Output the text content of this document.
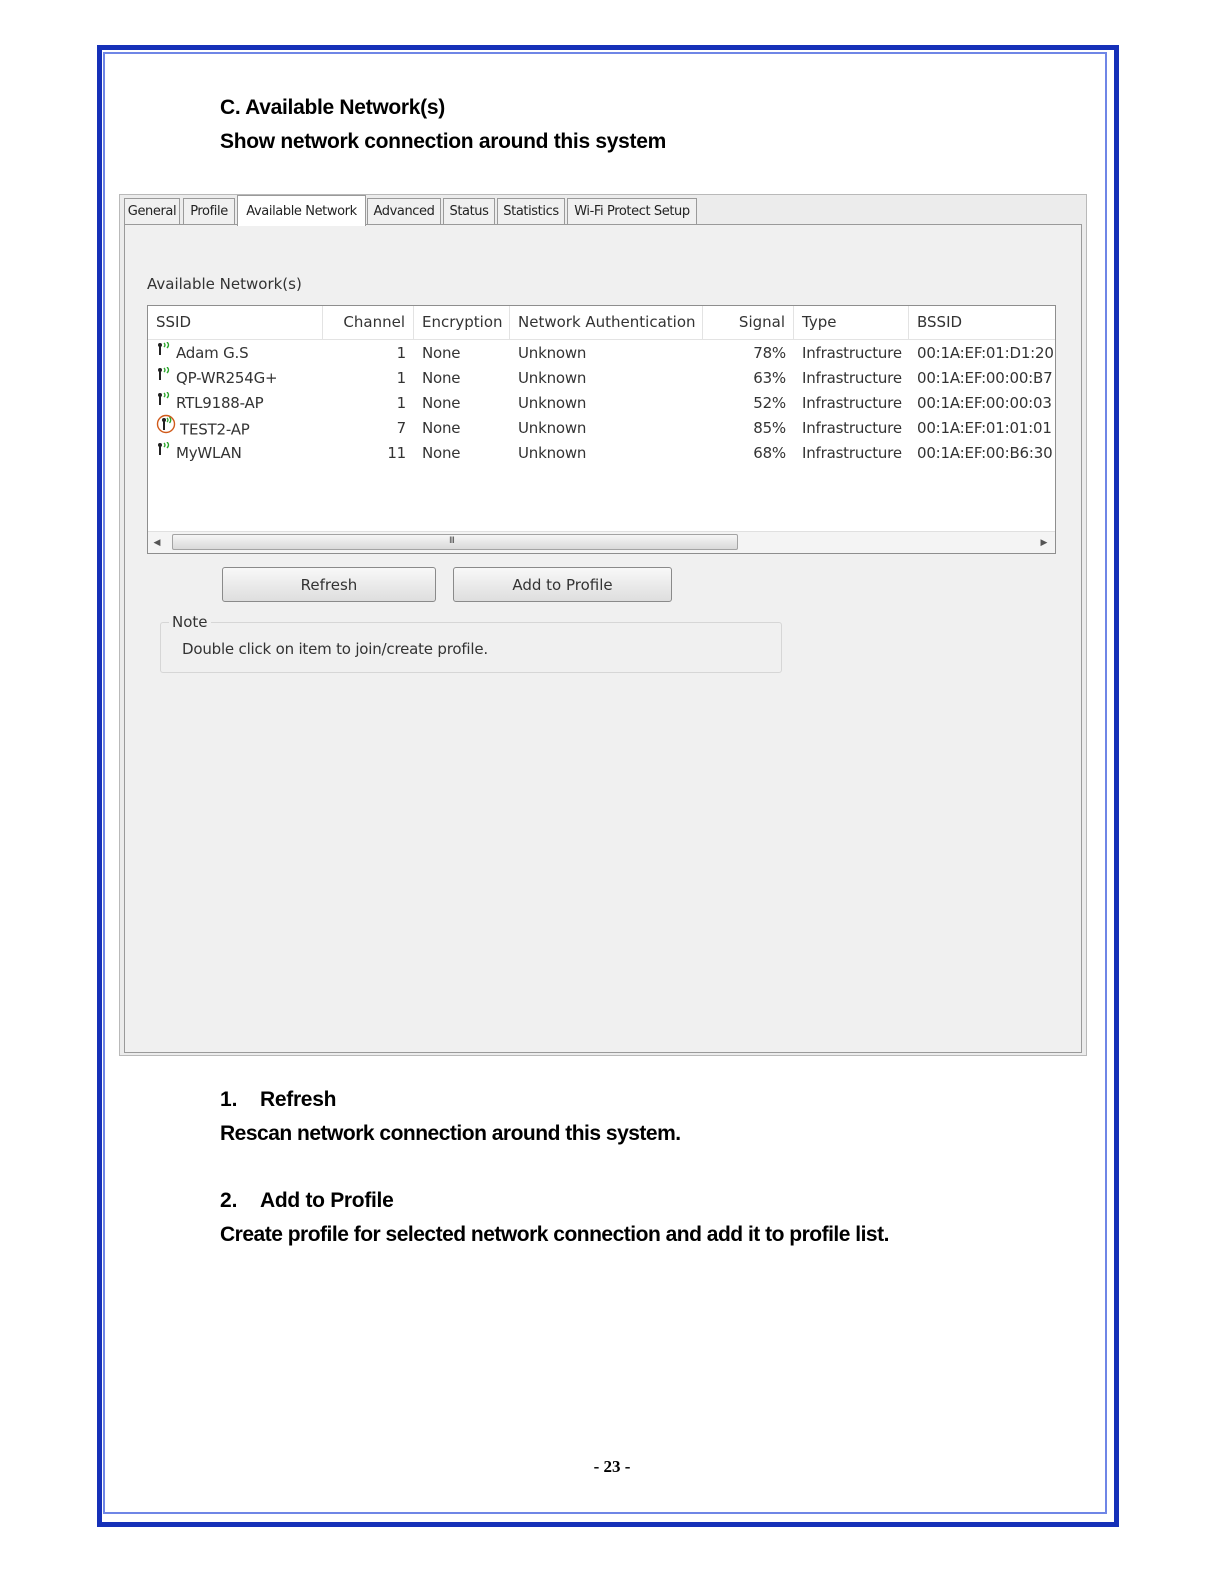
C. Available Network(s)
Show network connection around this system
General	Profile	Available Network	Advanced	Status	Statistics	Wi-Fi Protect Setup
Available Network(s)
SSID	Channel	Encryption	Network Authentication	Signal	Type	BSSID
Adam G.S	1	None	Unknown	78%	Infrastructure	00:1A:EF:01:D1:20
QP-WR254G+	1	None	Unknown	63%	Infrastructure	00:1A:EF:00:00:B7
RTL9188-AP	1	None	Unknown	52%	Infrastructure	00:1A:EF:00:00:03
TEST2-AP	7	None	Unknown	85%	Infrastructure	00:1A:EF:01:01:01
MyWLAN	11	None	Unknown	68%	Infrastructure	00:1A:EF:00:B6:30
◀	III	▶
Refresh	Add to Profile
Note
Double click on item to join/create profile.
1. Refresh
Rescan network connection around this system.
2. Add to Profile
Create profile for selected network connection and add it to profile list.
- 23 -
